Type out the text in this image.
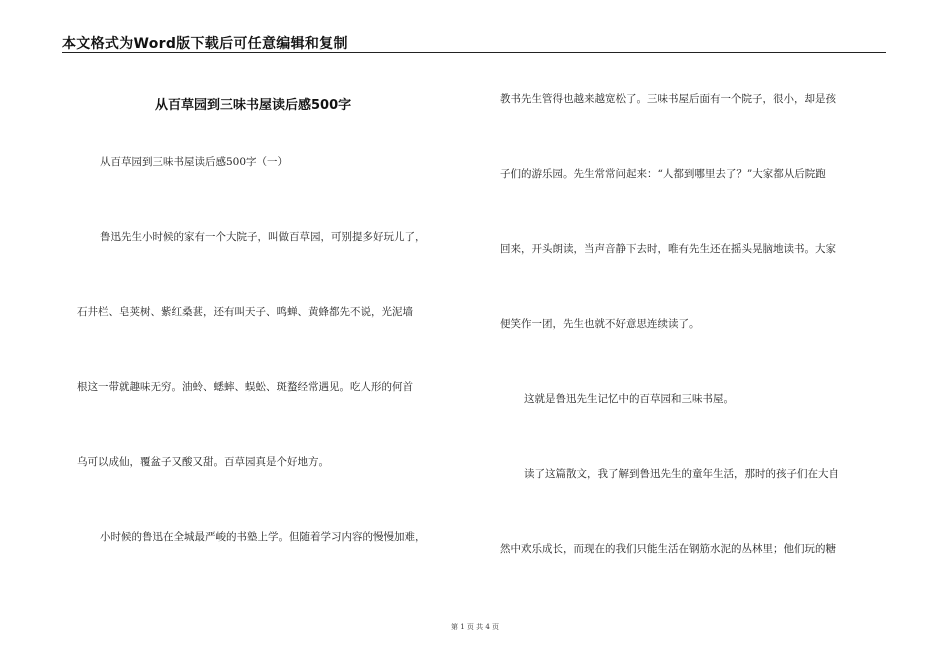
本文格式为Word版下载后可任意编辑和复制
从百草园到三味书屋读后感500字
从百草园到三味书屋读后感500字（一）
鲁迅先生小时候的家有一个大院子，叫做百草园，可别提多好玩儿了，
石井栏、皂荚树、紫红桑葚，还有叫天子、鸣蝉、黄蜂都先不说，光泥墙
根这一带就趣味无穷。油蛉、蟋蟀、蜈蚣、斑蝥经常遇见。吃人形的何首
乌可以成仙，覆盆子又酸又甜。百草园真是个好地方。
小时候的鲁迅在全城最严峻的书塾上学。但随着学习内容的慢慢加难，
教书先生管得也越来越宽松了。三味书屋后面有一个院子，很小，却是孩
子们的游乐园。先生常常问起来：“人都到哪里去了？”大家都从后院跑
回来，开头朗读，当声音静下去时，唯有先生还在摇头晃脑地读书。大家
便笑作一团，先生也就不好意思连续读了。
这就是鲁迅先生记忆中的百草园和三味书屋。
读了这篇散文，我了解到鲁迅先生的童年生活，那时的孩子们在大自
然中欢乐成长，而现在的我们只能生活在钢筋水泥的丛林里；他们玩的糖
第 1 页 共 4 页
